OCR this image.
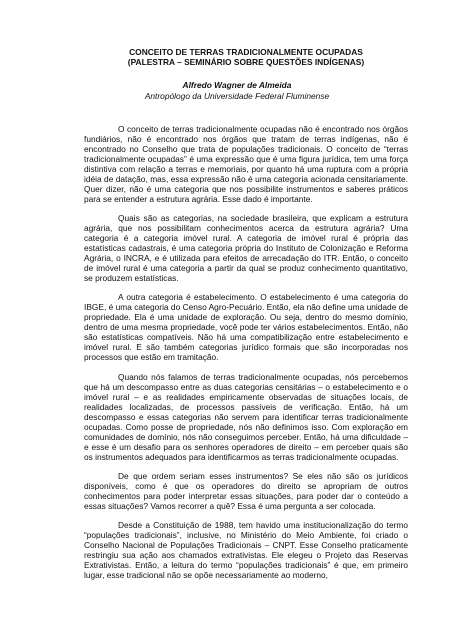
CONCEITO DE TERRAS TRADICIONALMENTE OCUPADAS

(PALESTRA – SEMINÁRIO SOBRE QUESTÕES INDÍGENAS)

Alfredo Wagner de Almeida
Antropólogo da Universidade Federal Fluminense

O conceito de terras tradicionalmente ocupadas não é encontrado nos órgãos fundiários, não é encontrado nos órgãos que tratam de terras indígenas, não é encontrado no Conselho que trata de populações tradicionais. O conceito de “terras tradicionalmente ocupadas” é uma expressão que é uma figura jurídica, tem uma força distintiva com relação a terras e memoriais, por quanto há uma ruptura com a própria idéia de datação, mas, essa expressão não é uma categoria acionada censitariamente. Quer dizer, não é uma categoria que nos possibilite instrumentos e saberes práticos para se entender a estrutura agrária. Esse dado é importante.

Quais são as categorias, na sociedade brasileira, que explicam a estrutura agrária, que nos possibilitam conhecimentos acerca da estrutura agrária? Uma categoria é a categoria imóvel rural. A categoria de imóvel rural é própria das estatísticas cadastrais, é uma categoria própria do Instituto de Colonização e Reforma Agrária, o INCRA, e é utilizada para efeitos de arrecadação do ITR. Então, o conceito de imóvel rural é uma categoria a partir da qual se produz conhecimento quantitativo, se produzem estatísticas.

A outra categoria é estabelecimento. O estabelecimento é uma categoria do IBGE, é uma categoria do Censo Agro-Pecuário. Então, ela não define uma unidade de propriedade. Ela é uma unidade de exploração. Ou seja, dentro do mesmo domínio, dentro de uma mesma propriedade, você pode ter vários estabelecimentos. Então, não são estatísticas compatíveis. Não há uma compatibilização entre estabelecimento e imóvel rural. E são também categorias jurídico formais que são incorporadas nos processos que estão em tramitação.

Quando nós falamos de terras tradicionalmente ocupadas, nós percebemos que há um descompasso entre as duas categorias censitárias – o estabelecimento e o imóvel rural – e as realidades empiricamente observadas de situações locais, de realidades localizadas, de processos passíveis de verificação. Então, há um descompasso e essas categorias não servem para identificar terras tradicionalmente ocupadas. Como posse de propriedade, nós não definimos isso. Com exploração em comunidades de domínio, nós não conseguimos perceber. Então, há uma dificuldade – e esse é um desafio para os senhores operadores de direito – em perceber quais são os instrumentos adequados para identificarmos as terras tradicionalmente ocupadas.

De que ordem seriam esses instrumentos? Se eles não são os jurídicos disponíveis, como é que os operadores do direito se apropriam de outros conhecimentos para poder interpretar essas situações, para poder dar o conteúdo a essas situações? Vamos recorrer a quê? Essa é uma pergunta a ser colocada.

Desde a Constituição de 1988, tem havido uma institucionalização do termo “populações tradicionais”, inclusive, no Ministério do Meio Ambiente, foi criado o Conselho Nacional de Populações Tradicionais – CNPT. Esse Conselho praticamente restringiu sua ação aos chamados extrativistas. Ele elegeu o Projeto das Reservas Extrativistas. Então, a leitura do termo “populações tradicionais” é que, em primeiro lugar, esse tradicional não se opõe necessariamente ao moderno,
